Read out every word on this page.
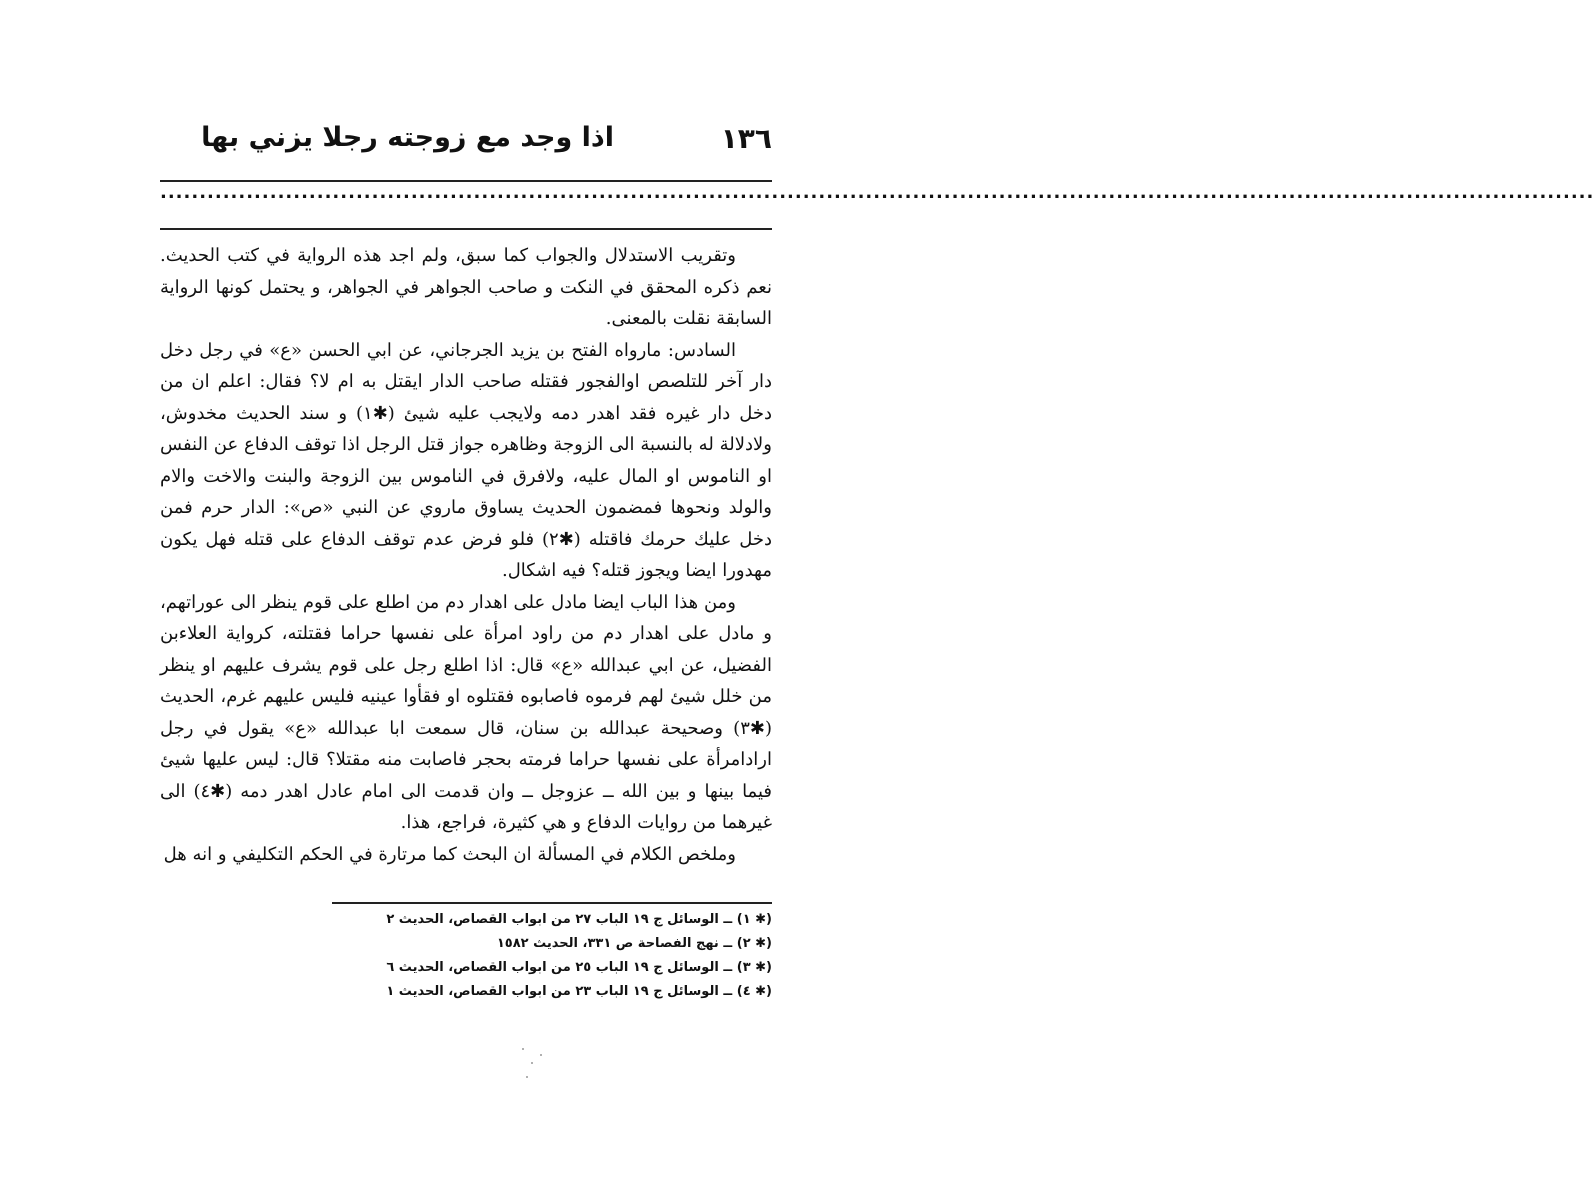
١٣٦
اذا وجد مع زوجته رجلا يزني بها
.......................................................................................................................................................................................

وتقريب الاستدلال والجواب كما سبق، ولم اجد هذه الرواية في كتب الحديث. نعم ذكره المحقق في النكت و صاحب الجواهر في الجواهر، و يحتمل كونها الرواية السابقة نقلت بالمعنى.

السادس: مارواه الفتح بن يزيد الجرجاني، عن ابي الحسن «ع» في رجل دخل دار آخر للتلصص اوالفجور فقتله صاحب الدار ايقتل به ام لا؟ فقال: اعلم ان من دخل دار غيره فقد اهدر دمه ولايجب عليه شيئ (✱١) و سند الحديث مخدوش، ولادلالة له بالنسبة الى الزوجة وظاهره جواز قتل الرجل اذا توقف الدفاع عن النفس او الناموس او المال عليه، ولافرق في الناموس بين الزوجة والبنت والاخت والام والولد ونحوها فمضمون الحديث يساوق ماروي عن النبي «ص»: الدار حرم فمن دخل عليك حرمك فاقتله (✱٢) فلو فرض عدم توقف الدفاع على قتله فهل يكون مهدورا ايضا ويجوز قتله؟ فيه اشكال.

ومن هذا الباب ايضا مادل على اهدار دم من اطلع على قوم ينظر الى عوراتهم، و مادل على اهدار دم من راود امرأة على نفسها حراما فقتلته، كرواية العلاءبن الفضيل، عن ابي عبدالله «ع» قال: اذا اطلع رجل على قوم يشرف عليهم او ينظر من خلل شيئ لهم فرموه فاصابوه فقتلوه او فقأوا عينيه فليس عليهم غرم، الحديث (✱٣) وصحيحة عبدالله بن سنان، قال سمعت ابا عبدالله «ع» يقول في رجل ارادامرأة على نفسها حراما فرمته بحجر فاصابت منه مقتلا؟ قال: ليس عليها شيئ فيما بينها و بين الله ــ عزوجل ــ وان قدمت الى امام عادل اهدر دمه (✱٤) الى غيرهما من روايات الدفاع و هي كثيرة، فراجع، هذا.

وملخص الكلام في المسألة ان البحث كما مرتارة في الحكم التكليفي و انه هل

(✱ ١) ــ الوسائل ج ١٩ الباب ٢٧ من ابواب القصاص، الحديث ٢

(✱ ٢) ــ نهج الفصاحة ص ٣٣١، الحديث ١٥٨٢

(✱ ٣) ــ الوسائل ج ١٩ الباب ٢٥ من ابواب القصاص، الحديث ٦

(✱ ٤) ــ الوسائل ج ١٩ الباب ٢٣ من ابواب القصاص، الحديث ١
